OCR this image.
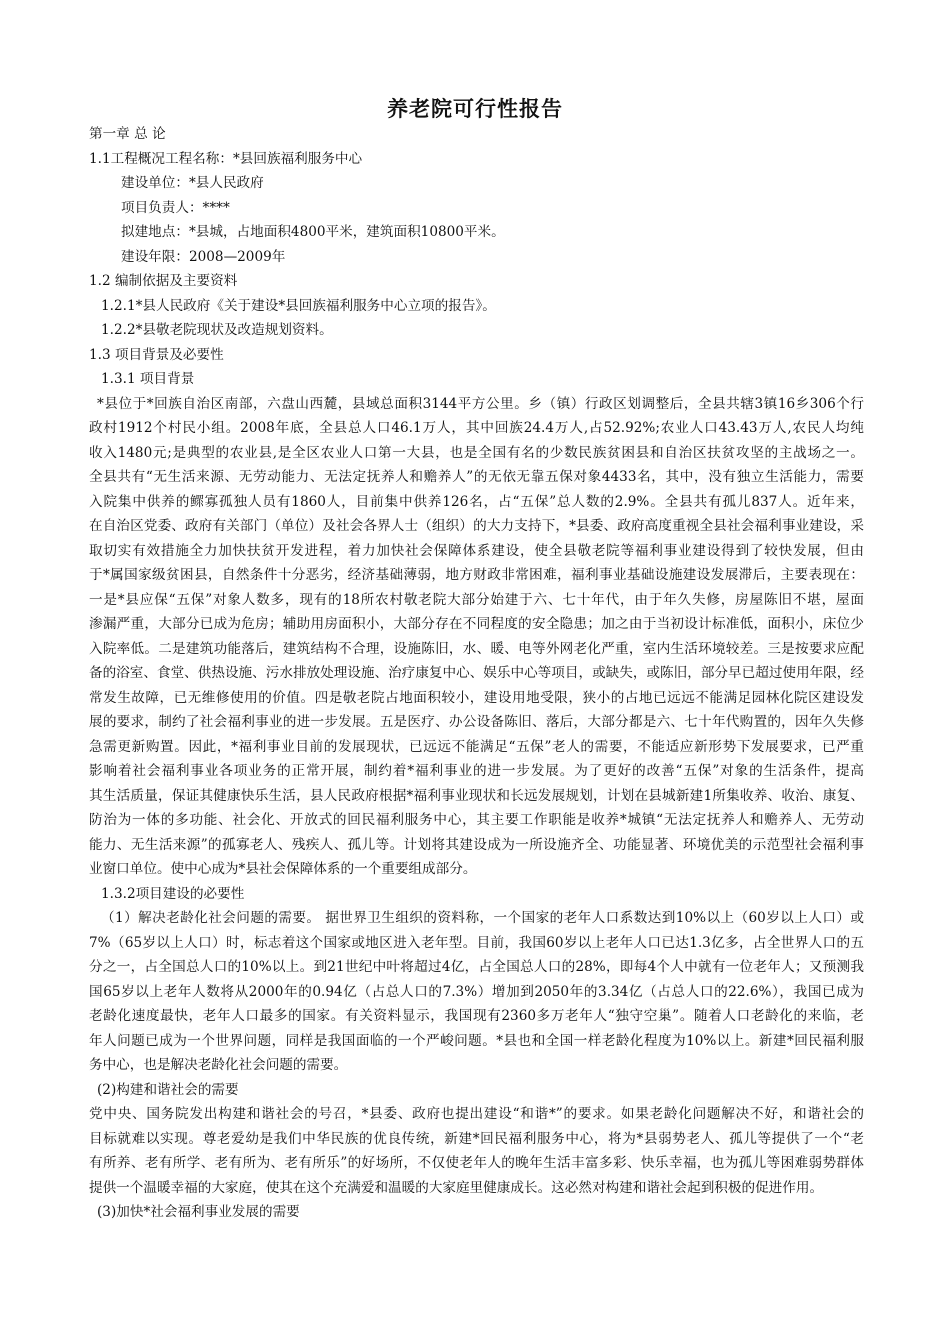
养老院可行性报告
第一章 总 论
1.1工程概况工程名称：*县回族福利服务中心
建设单位：*县人民政府
项目负责人：****
拟建地点：*县城，占地面积4800平米，建筑面积10800平米。
建设年限：2008—2009年
1.2 编制依据及主要资料
1.2.1*县人民政府《关于建设*县回族福利服务中心立项的报告》。
1.2.2*县敬老院现状及改造规划资料。
1.3 项目背景及必要性
1.3.1 项目背景
*县位于*回族自治区南部，六盘山西麓，县域总面积3144平方公里。乡（镇）行政区划调整后，全县共辖3镇16乡306个行
政村1912个村民小组。2008年底，全县总人口46.1万人，其中回族24.4万人,占52.92%;农业人口43.43万人,农民人均纯
收入1480元;是典型的农业县,是全区农业人口第一大县，也是全国有名的少数民族贫困县和自治区扶贫攻坚的主战场之一。
全县共有“无生活来源、无劳动能力、无法定抚养人和赡养人”的无依无靠五保对象4433名，其中，没有独立生活能力，需要
入院集中供养的鳏寡孤独人员有1860人，目前集中供养126名，占“五保”总人数的2.9%。全县共有孤儿837人。近年来，
在自治区党委、政府有关部门（单位）及社会各界人士（组织）的大力支持下，*县委、政府高度重视全县社会福利事业建设，采
取切实有效措施全力加快扶贫开发进程，着力加快社会保障体系建设，使全县敬老院等福利事业建设得到了较快发展，但由
于*属国家级贫困县，自然条件十分恶劣，经济基础薄弱，地方财政非常困难，福利事业基础设施建设发展滞后，主要表现在：
一是*县应保“五保”对象人数多，现有的18所农村敬老院大部分始建于六、七十年代，由于年久失修，房屋陈旧不堪，屋面
渗漏严重，大部分已成为危房；辅助用房面积小，大部分存在不同程度的安全隐患；加之由于当初设计标准低，面积小，床位少
入院率低。二是建筑功能落后，建筑结构不合理，设施陈旧，水、暖、电等外网老化严重，室内生活环境较差。三是按要求应配
备的浴室、食堂、供热设施、污水排放处理设施、治疗康复中心、娱乐中心等项目，或缺失，或陈旧，部分早已超过使用年限，经
常发生故障，已无维修使用的价值。四是敬老院占地面积较小，建设用地受限，狭小的占地已远远不能满足园林化院区建设发
展的要求，制约了社会福利事业的进一步发展。五是医疗、办公设备陈旧、落后，大部分都是六、七十年代购置的，因年久失修
急需更新购置。因此，*福利事业目前的发展现状，已远远不能满足“五保”老人的需要，不能适应新形势下发展要求，已严重
影响着社会福利事业各项业务的正常开展，制约着*福利事业的进一步发展。为了更好的改善“五保”对象的生活条件，提高
其生活质量，保证其健康快乐生活，县人民政府根据*福利事业现状和长远发展规划，计划在县城新建1所集收养、收治、康复、
防治为一体的多功能、社会化、开放式的回民福利服务中心，其主要工作职能是收养*城镇“无法定抚养人和赡养人、无劳动
能力、无生活来源”的孤寡老人、残疾人、孤儿等。计划将其建设成为一所设施齐全、功能显著、环境优美的示范型社会福利事
业窗口单位。使中心成为*县社会保障体系的一个重要组成部分。
1.3.2项目建设的必要性
（1）解决老龄化社会问题的需要。 据世界卫生组织的资料称，一个国家的老年人口系数达到10%以上（60岁以上人口）或
7%（65岁以上人口）时，标志着这个国家或地区进入老年型。目前，我国60岁以上老年人口已达1.3亿多，占全世界人口的五
分之一，占全国总人口的10%以上。到21世纪中叶将超过4亿，占全国总人口的28%，即每4个人中就有一位老年人；又预测我
国65岁以上老年人数将从2000年的0.94亿（占总人口的7.3%）增加到2050年的3.34亿（占总人口的22.6%），我国已成为
老龄化速度最快，老年人口最多的国家。有关资料显示，我国现有2360多万老年人“独守空巢”。随着人口老龄化的来临，老
年人问题已成为一个世界问题，同样是我国面临的一个严峻问题。*县也和全国一样老龄化程度为10%以上。新建*回民福利服
务中心，也是解决老龄化社会问题的需要。
(2)构建和谐社会的需要
党中央、国务院发出构建和谐社会的号召，*县委、政府也提出建设“和谐*”的要求。如果老龄化问题解决不好，和谐社会的
目标就难以实现。尊老爱幼是我们中华民族的优良传统，新建*回民福利服务中心，将为*县弱势老人、孤儿等提供了一个“老
有所养、老有所学、老有所为、老有所乐”的好场所，不仅使老年人的晚年生活丰富多彩、快乐幸福，也为孤儿等困难弱势群体
提供一个温暖幸福的大家庭，使其在这个充满爱和温暖的大家庭里健康成长。这必然对构建和谐社会起到积极的促进作用。
(3)加快*社会福利事业发展的需要
